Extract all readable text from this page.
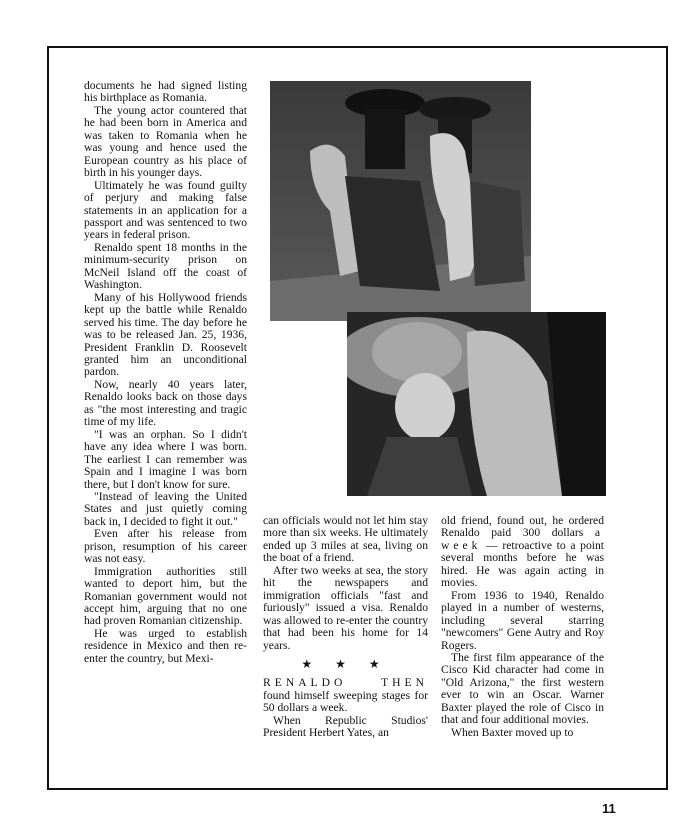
documents he had signed listing his birthplace as Romania.

The young actor countered that he had been born in America and was taken to Romania when he was young and hence used the European country as his place of birth in his younger days.

Ultimately he was found guilty of perjury and making false statements in an application for a passport and was sentenced to two years in federal prison.

Renaldo spent 18 months in the minimum-security prison on McNeil Island off the coast of Washington.

Many of his Hollywood friends kept up the battle while Renaldo served his time. The day before he was to be released Jan. 25, 1936, President Franklin D. Roosevelt granted him an unconditional pardon.

Now, nearly 40 years later, Renaldo looks back on those days as "the most interesting and tragic time of my life.

"I was an orphan. So I didn't have any idea where I was born. The earliest I can remember was Spain and I imagine I was born there, but I don't know for sure.

"Instead of leaving the United States and just quietly coming back in, I decided to fight it out."

Even after his release from prison, resumption of his career was not easy.

Immigration authorities still wanted to deport him, but the Romanian government would not accept him, arguing that no one had proven Romanian citizenship.

He was urged to establish residence in Mexico and then re-enter the country, but Mexi-

can officials would not let him stay more than six weeks. He ultimately ended up 3 miles at sea, living on the boat of a friend.

After two weeks at sea, the story hit the newspapers and immigration officials "fast and furiously" issued a visa. Renaldo was allowed to re-enter the country that had been his home for 14 years.

★ ★ ★

RENALDO THEN found himself sweeping stages for 50 dollars a week.

When Republic Studios' President Herbert Yates, an

old friend, found out, he ordered Renaldo paid 300 dollars a week — retroactive to a point several months before he was hired. He was again acting in movies.

From 1936 to 1940, Renaldo played in a number of westerns, including several starring "newcomers" Gene Autry and Roy Rogers.

The first film appearance of the Cisco Kid character had come in "Old Arizona," the first western ever to win an Oscar. Warner Baxter played the role of Cisco in that and four additional movies.

When Baxter moved up to

11
